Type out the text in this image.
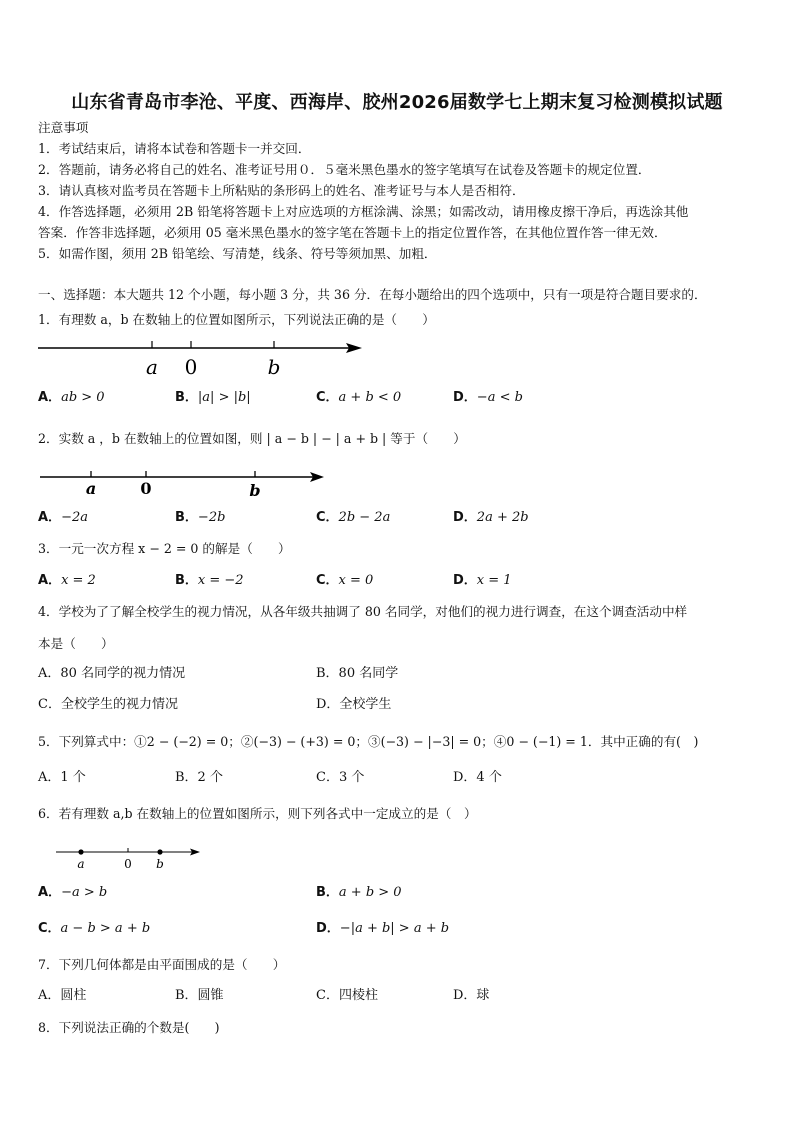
山东省青岛市李沧、平度、西海岸、胶州2026届数学七上期末复习检测模拟试题
注意事项
1．考试结束后，请将本试卷和答题卡一并交回．
2．答题前，请务必将自己的姓名、准考证号用０．５毫米黑色墨水的签字笔填写在试卷及答题卡的规定位置．
3．请认真核对监考员在答题卡上所粘贴的条形码上的姓名、准考证号与本人是否相符．
4．作答选择题，必须用 2B 铅笔将答题卡上对应选项的方框涂满、涂黑；如需改动，请用橡皮擦干净后，再选涂其他
答案．作答非选择题，必须用 05 毫米黑色墨水的签字笔在答题卡上的指定位置作答，在其他位置作答一律无效．
5．如需作图，须用 2B 铅笔绘、写清楚，线条、符号等须加黑、加粗．
一、选择题：本大题共 12 个小题，每小题 3 分，共 36 分．在每小题给出的四个选项中，只有一项是符合题目要求的．
1．有理数 a，b 在数轴上的位置如图所示，下列说法正确的是（　　）
a 0	b
A．ab > 0	B．|a| > |b|	C．a + b < 0	D．−a < b
2．实数 a ，b 在数轴上的位置如图，则 | a − b | − | a + b | 等于（　　）
a	0	b
A．−2a	B．−2b	C．2b − 2a	D．2a + 2b
3．一元一次方程 x − 2 = 0 的解是（　　）
A．x = 2	B．x = −2	C．x = 0	D．x = 1
4．学校为了了解全校学生的视力情况，从各年级共抽调了 80 名同学，对他们的视力进行调查，在这个调查活动中样
本是（　　）
A．80 名同学的视力情况	B．80 名同学
C．全校学生的视力情况	D．全校学生
5．下列算式中：①2 − (−2) = 0；②(−3) − (+3) = 0；③(−3) − |−3| = 0；④0 − (−1) = 1．其中正确的有(　)
A．1 个	B．2 个	C．3 个	D．4 个
6．若有理数 a,b 在数轴上的位置如图所示，则下列各式中一定成立的是（　）
a	0 b
A．−a > b	B．a + b > 0
C．a − b > a + b	D．−|a + b| > a + b
7．下列几何体都是由平面围成的是（　　）
A．圆柱	B．圆锥	C．四棱柱	D．球
8．下列说法正确的个数是(　　)
